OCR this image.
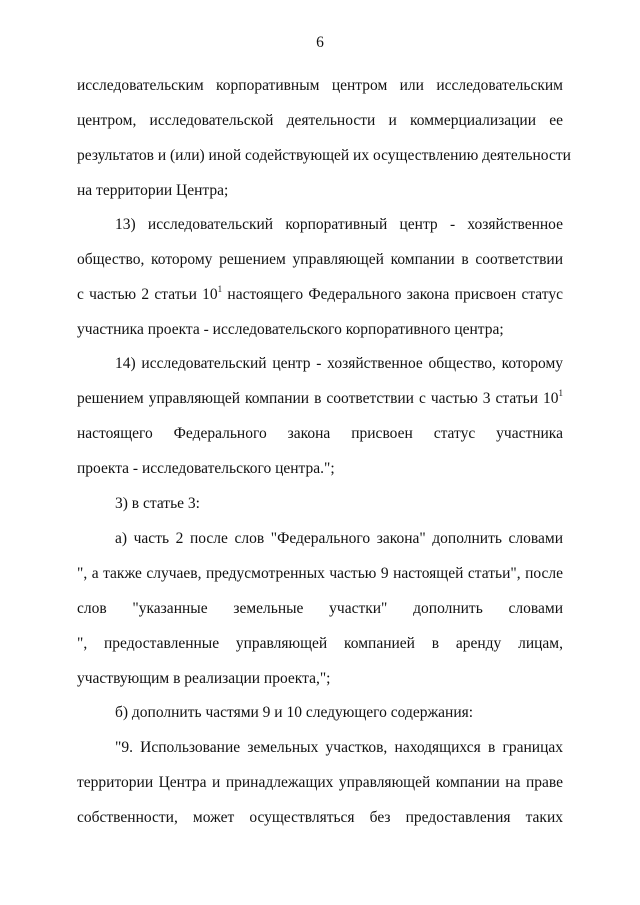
6
исследовательским корпоративным центром или исследовательским
центром, исследовательской деятельности и коммерциализации ее
результатов и (или) иной содействующей их осуществлению деятельности
на территории Центра;
13) исследовательский корпоративный центр - хозяйственное
общество, которому решением управляющей компании в соответствии
с частью 2 статьи $10^1$ настоящего Федерального закона присвоен статус
участника проекта - исследовательского корпоративного центра;
14) исследовательский центр - хозяйственное общество, которому
решением управляющей компании в соответствии с частью 3 статьи $10^1$
настоящего Федерального закона присвоен статус участника
проекта - исследовательского центра.";
3) в статье 3:
а) часть 2 после слов "Федерального закона" дополнить словами
", а также случаев, предусмотренных частью 9 настоящей статьи", после
слов "указанные земельные участки" дополнить словами
", предоставленные управляющей компанией в аренду лицам,
участвующим в реализации проекта,";
б) дополнить частями 9 и 10 следующего содержания:
"9. Использование земельных участков, находящихся в границах
территории Центра и принадлежащих управляющей компании на праве
собственности, может осуществляться без предоставления таких
